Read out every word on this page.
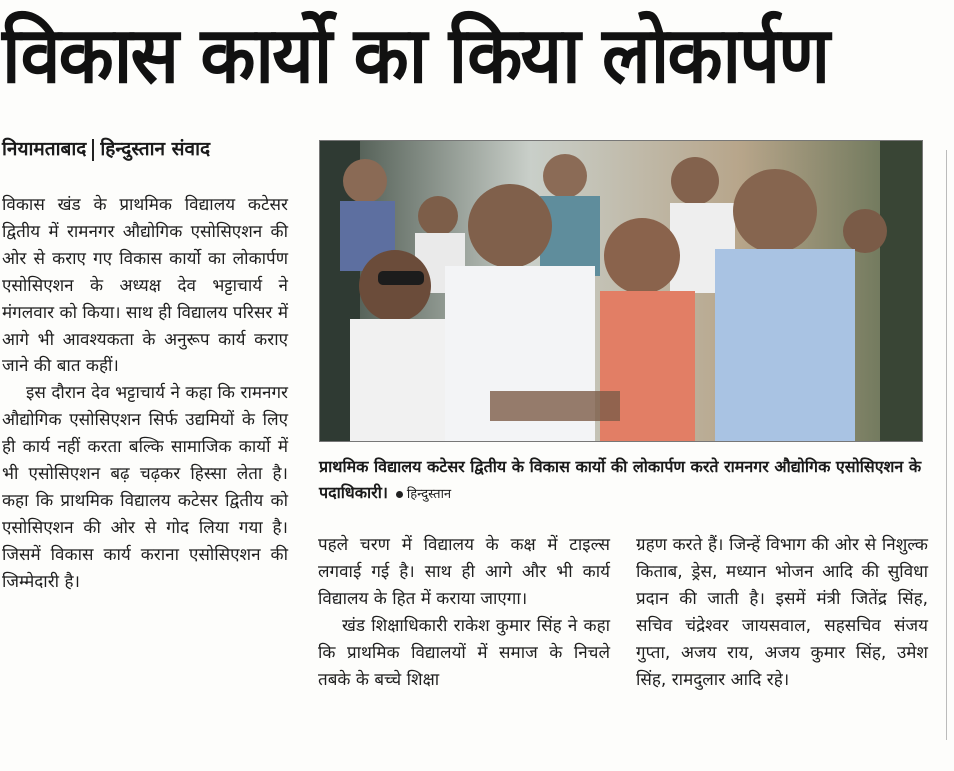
विकास कार्यो का किया लोकार्पण
नियामताबाद हिन्दुस्तान संवाद

विकास खंड के प्राथमिक विद्यालय कटेसर द्वितीय में रामनगर औद्योगिक एसोसिएशन की ओर से कराए गए विकास कार्यो का लोकार्पण एसोसिएशन के अध्यक्ष देव भट्टाचार्य ने मंगलवार को किया। साथ ही विद्यालय परिसर में आगे भी आवश्यकता के अनुरूप कार्य कराए जाने की बात कहीं।

इस दौरान देव भट्टाचार्य ने कहा कि रामनगर औद्योगिक एसोसिएशन सिर्फ उद्यमियों के लिए ही कार्य नहीं करता बल्कि सामाजिक कार्यो में भी एसोसिएशन बढ़ चढ़कर हिस्सा लेता है। कहा कि प्राथमिक विद्यालय कटेसर द्वितीय को एसोसिएशन की ओर से गोद लिया गया है। जिसमें विकास कार्य कराना एसोसिएशन की जिम्मेदारी है।

प्राथमिक विद्यालय कटेसर द्वितीय के विकास कार्यो की लोकार्पण करते रामनगर औद्योगिक एसोसिएशन के पदाधिकारी। हिन्दुस्तान

पहले चरण में विद्यालय के कक्ष में टाइल्स लगवाई गई है। साथ ही आगे और भी कार्य विद्यालय के हित में कराया जाएगा।

खंड शिक्षाधिकारी राकेश कुमार सिंह ने कहा कि प्राथमिक विद्यालयों में समाज के निचले तबके के बच्चे शिक्षा

ग्रहण करते हैं। जिन्हें विभाग की ओर से निशुल्क किताब, ड्रेस, मध्यान भोजन आदि की सुविधा प्रदान की जाती है। इसमें मंत्री जितेंद्र सिंह, सचिव चंद्रेश्वर जायसवाल, सहसचिव संजय गुप्ता, अजय राय, अजय कुमार सिंह, उमेश सिंह, रामदुलार आदि रहे।
